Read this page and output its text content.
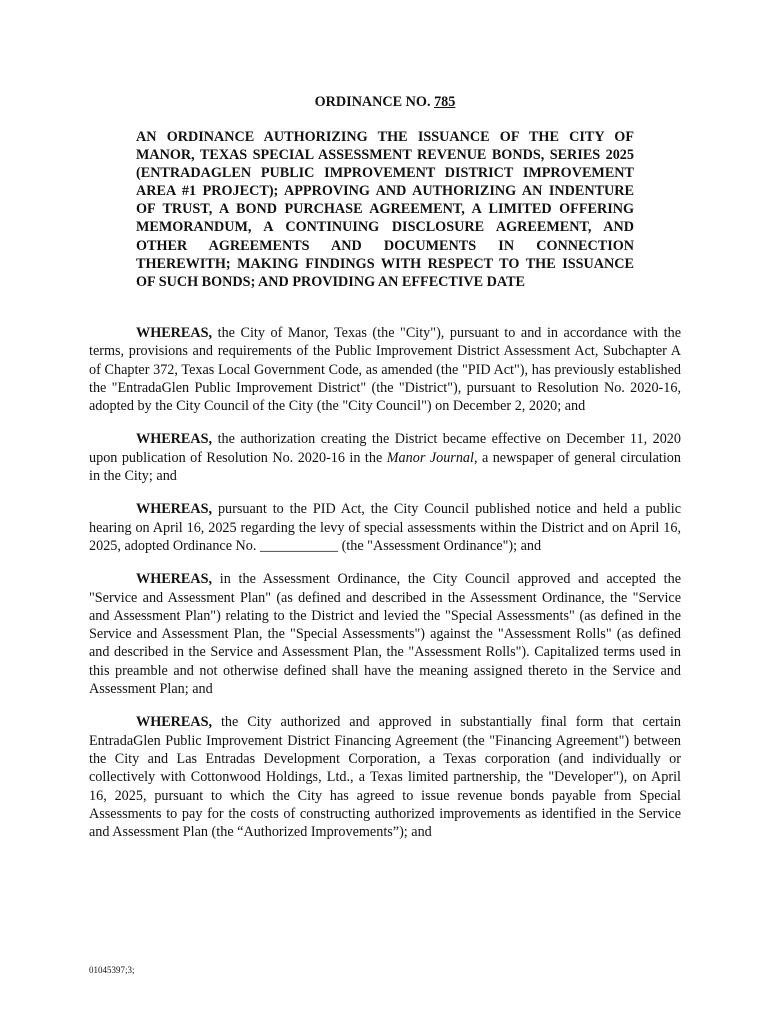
ORDINANCE NO. 785
AN ORDINANCE AUTHORIZING THE ISSUANCE OF THE CITY OF MANOR, TEXAS SPECIAL ASSESSMENT REVENUE BONDS, SERIES 2025 (ENTRADAGLEN PUBLIC IMPROVEMENT DISTRICT IMPROVEMENT AREA #1 PROJECT); APPROVING AND AUTHORIZING AN INDENTURE OF TRUST, A BOND PURCHASE AGREEMENT, A LIMITED OFFERING MEMORANDUM, A CONTINUING DISCLOSURE AGREEMENT, AND OTHER AGREEMENTS AND DOCUMENTS IN CONNECTION THEREWITH; MAKING FINDINGS WITH RESPECT TO THE ISSUANCE OF SUCH BONDS; AND PROVIDING AN EFFECTIVE DATE

WHEREAS, the City of Manor, Texas (the "City"), pursuant to and in accordance with the terms, provisions and requirements of the Public Improvement District Assessment Act, Subchapter A of Chapter 372, Texas Local Government Code, as amended (the "PID Act"), has previously established the "EntradaGlen Public Improvement District" (the "District"), pursuant to Resolution No. 2020-16, adopted by the City Council of the City (the "City Council") on December 2, 2020; and

WHEREAS, the authorization creating the District became effective on December 11, 2020 upon publication of Resolution No. 2020-16 in the Manor Journal, a newspaper of general circulation in the City; and

WHEREAS, pursuant to the PID Act, the City Council published notice and held a public hearing on April 16, 2025 regarding the levy of special assessments within the District and on April 16, 2025, adopted Ordinance No. ___________ (the "Assessment Ordinance"); and

WHEREAS, in the Assessment Ordinance, the City Council approved and accepted the "Service and Assessment Plan" (as defined and described in the Assessment Ordinance, the "Service and Assessment Plan") relating to the District and levied the "Special Assessments" (as defined in the Service and Assessment Plan, the "Special Assessments") against the "Assessment Rolls" (as defined and described in the Service and Assessment Plan, the "Assessment Rolls"). Capitalized terms used in this preamble and not otherwise defined shall have the meaning assigned thereto in the Service and Assessment Plan; and

WHEREAS, the City authorized and approved in substantially final form that certain EntradaGlen Public Improvement District Financing Agreement (the "Financing Agreement") between the City and Las Entradas Development Corporation, a Texas corporation (and individually or collectively with Cottonwood Holdings, Ltd., a Texas limited partnership, the "Developer"), on April 16, 2025, pursuant to which the City has agreed to issue revenue bonds payable from Special Assessments to pay for the costs of constructing authorized improvements as identified in the Service and Assessment Plan (the “Authorized Improvements”); and

01045397;3;
